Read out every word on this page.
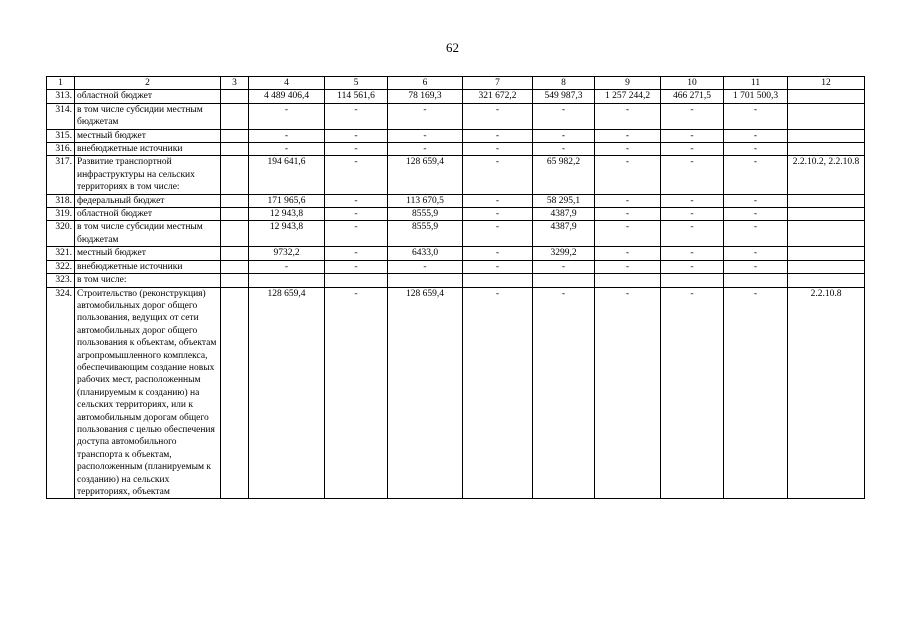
62
1	2	3	4	5	6	7	8	9	10	11	12
313.	областной бюджет		4 489 406,4	114 561,6	78 169,3	321 672,2	549 987,3	1 257 244,2	466 271,5	1 701 500,3	
314.	в том числе субсидии местным бюджетам		-	-	-	-	-	-	-	-	
315.	местный бюджет		-	-	-	-	-	-	-	-	
316.	внебюджетные источники		-	-	-	-	-	-	-	-	
317.	Развитие транспортной инфраструктуры на сельских территориях в том числе:		194 641,6	-	128 659,4	-	65 982,2	-	-	-	2.2.10.2, 2.2.10.8
318.	федеральный бюджет		171 965,6	-	113 670,5	-	58 295,1	-	-	-	
319.	областной бюджет		12 943,8	-	8555,9	-	4387,9	-	-	-	
320.	в том числе субсидии местным бюджетам		12 943,8	-	8555,9	-	4387,9	-	-	-	
321.	местный бюджет		9732,2	-	6433,0	-	3299,2	-	-	-	
322.	внебюджетные источники		-	-	-	-	-	-	-	-	
323.	в том числе:										
324.	Строительство (реконструкция) автомобильных дорог общего пользования, ведущих от сети автомобильных дорог общего пользования к объектам, объектам агропромышленного комплекса, обеспечивающим создание новых рабочих мест, расположенным (планируемым к созданию) на сельских территориях, или к автомобильным дорогам общего пользования с целью обеспечения доступа автомобильного транспорта к объектам, расположенным (планируемым к созданию) на сельских территориях, объектам		128 659,4	-	128 659,4	-	-	-	-	-	2.2.10.8
